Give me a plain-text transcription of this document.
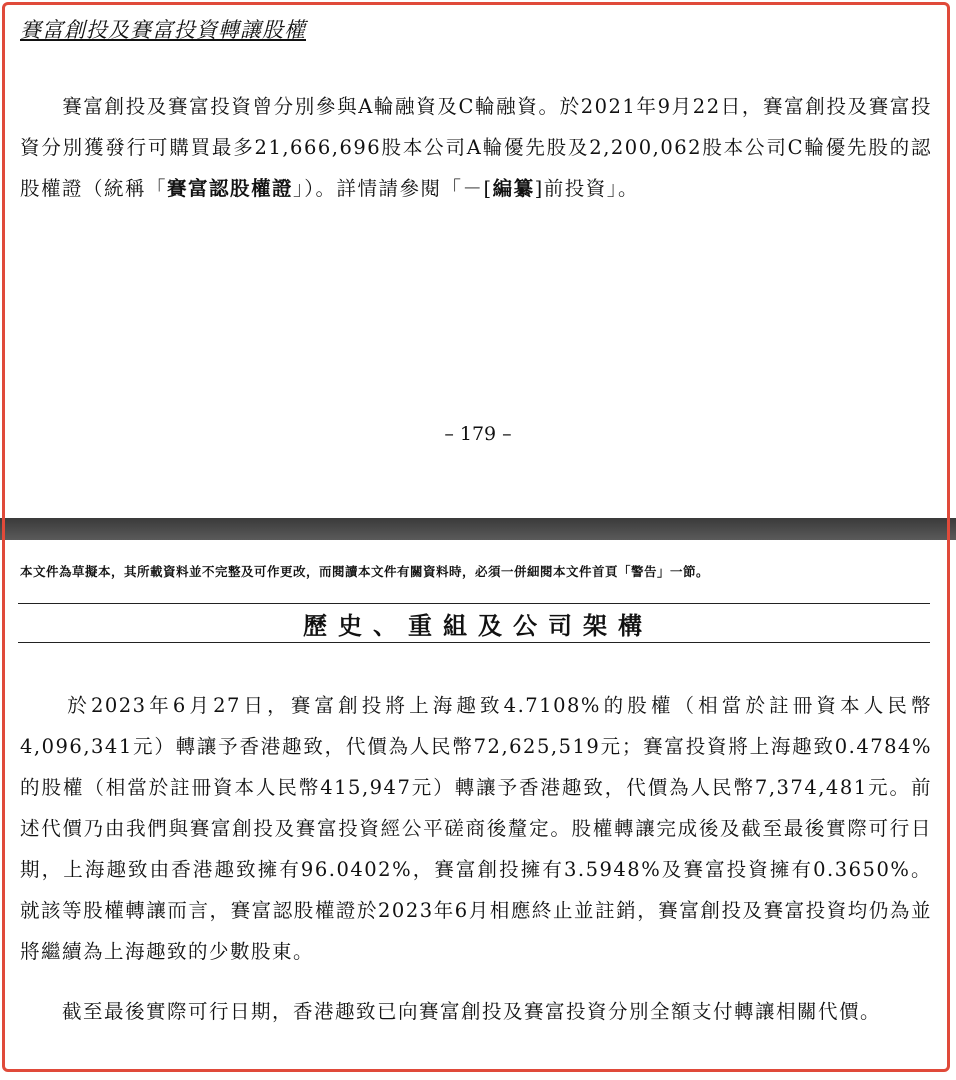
賽富創投及賽富投資轉讓股權

　　賽富創投及賽富投資曾分別參與A輪融資及C輪融資。於2021年9月22日，賽富創投及賽富投資分別獲發行可購買最多21,666,696股本公司A輪優先股及2,200,062股本公司C輪優先股的認股權證（統稱「賽富認股權證」）。詳情請參閱「－[編纂]前投資」。

– 179 –
本文件為草擬本，其所載資料並不完整及可作更改，而閱讀本文件有關資料時，必須一併細閱本文件首頁「警告」一節。
歷史、重組及公司架構

　　於2023年6月27日，賽富創投將上海趣致4.7108%的股權（相當於註冊資本人民幣4,096,341元）轉讓予香港趣致，代價為人民幣72,625,519元；賽富投資將上海趣致0.4784%的股權（相當於註冊資本人民幣415,947元）轉讓予香港趣致，代價為人民幣7,374,481元。前述代價乃由我們與賽富創投及賽富投資經公平磋商後釐定。股權轉讓完成後及截至最後實際可行日期，上海趣致由香港趣致擁有96.0402%，賽富創投擁有3.5948%及賽富投資擁有0.3650%。就該等股權轉讓而言，賽富認股權證於2023年6月相應終止並註銷，賽富創投及賽富投資均仍為並將繼續為上海趣致的少數股東。

　　截至最後實際可行日期，香港趣致已向賽富創投及賽富投資分別全額支付轉讓相關代價。
